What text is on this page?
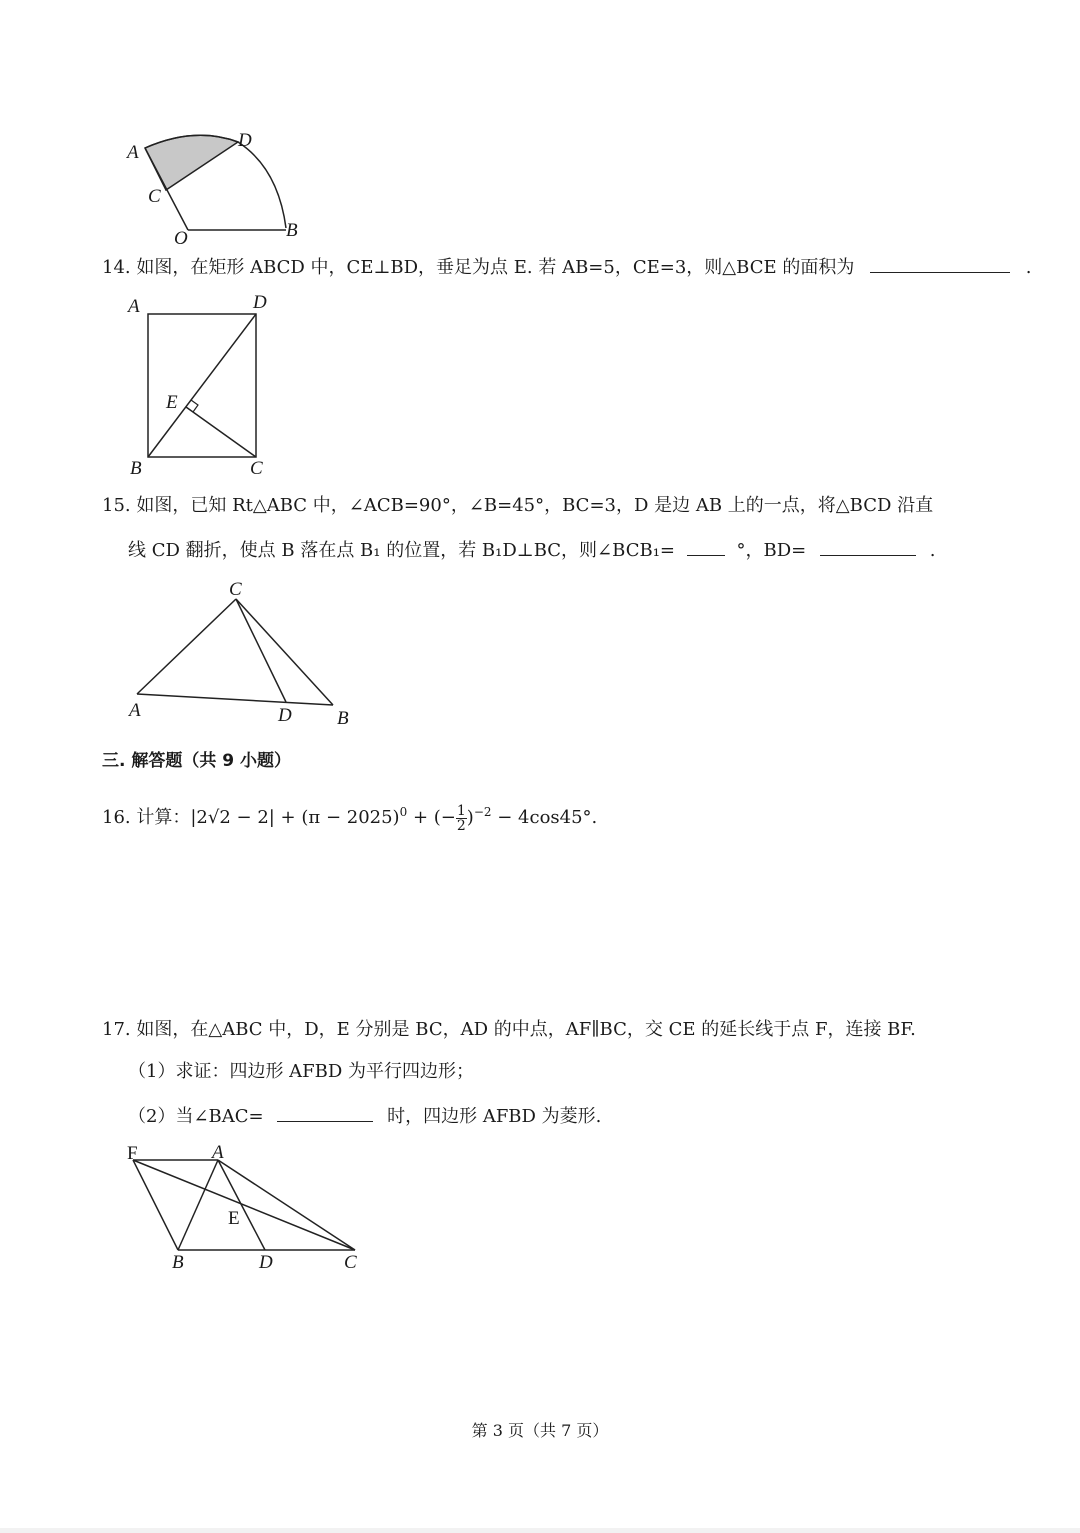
A
D
C
O	B
14. 如图，在矩形 ABCD 中，CE⊥BD，垂足为点 E. 若 AB=5，CE=3，则△BCE 的面积为	.
A	D
E
B	C
15. 如图，已知 Rt△ABC 中，∠ACB=90°，∠B=45°，BC=3，D 是边 AB 上的一点，将△BCD 沿直
线 CD 翻折，使点 B 落在点 B₁ 的位置，若 B₁D⊥BC，则∠BCB₁=	°，BD=	.
C
A	D B
三. 解答题（共 9 小题）
16. 计算：$|2√2 - 2| + (\pi - 2025)^0$ + (− $\frac{1}{2} )^{-2} - 4\cos 45^\circ$.
17. 如图，在△ABC 中，D，E 分别是 BC，AD 的中点，AF∥BC，交 CE 的延长线于点 F，连接 BF.
（1）求证：四边形 AFBD 为平行四边形；
（2）当∠BAC=	时，四边形 AFBD 为菱形.
F	A
E
B	D	C
第 3 页（共 7 页）
